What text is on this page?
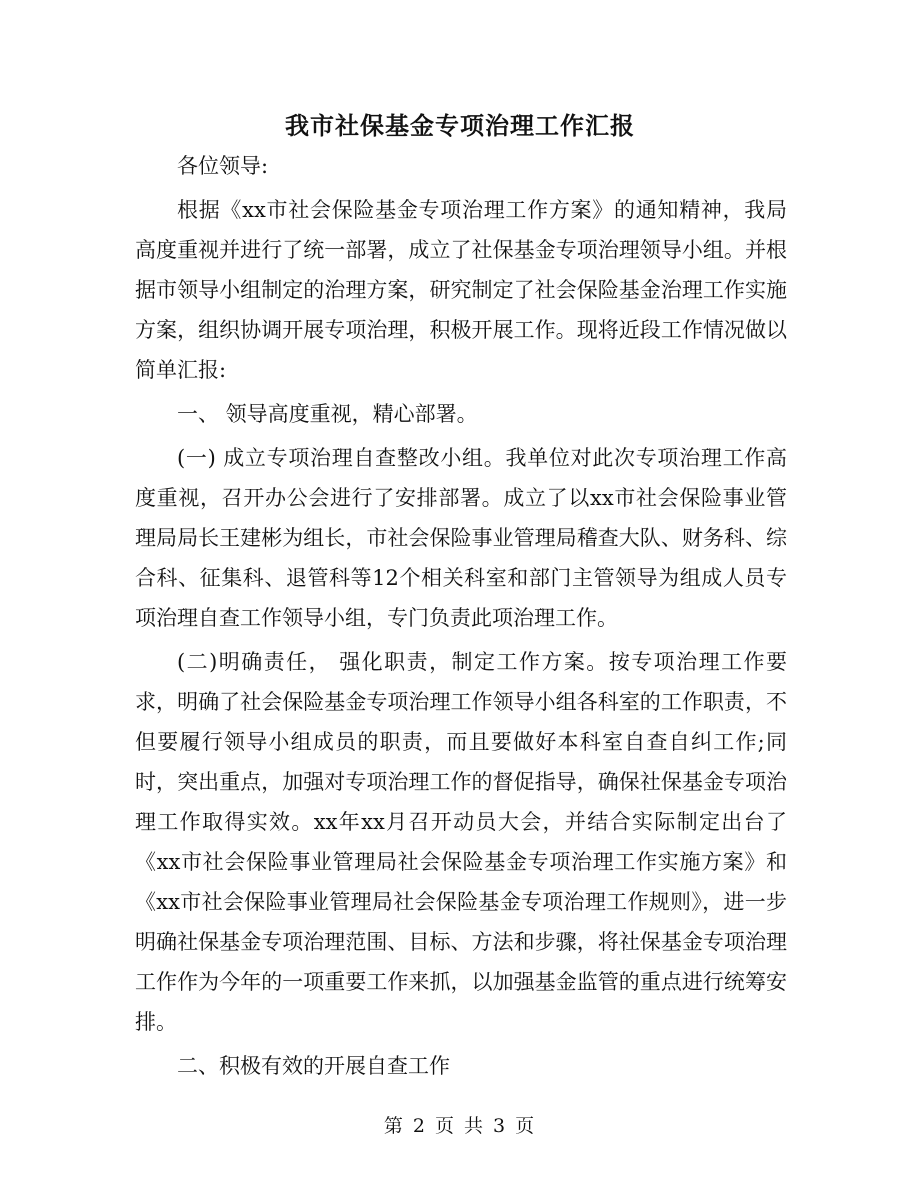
我市社保基金专项治理工作汇报

各位领导:

根据《xx市社会保险基金专项治理工作方案》的通知精神，我局高度重视并进行了统一部署，成立了社保基金专项治理领导小组。并根据市领导小组制定的治理方案，研究制定了社会保险基金治理工作实施方案，组织协调开展专项治理，积极开展工作。现将近段工作情况做以简单汇报:

一、 领导高度重视，精心部署。

(一) 成立专项治理自查整改小组。我单位对此次专项治理工作高度重视，召开办公会进行了安排部署。成立了以xx市社会保险事业管理局局长王建彬为组长，市社会保险事业管理局稽查大队、财务科、综合科、征集科、退管科等12个相关科室和部门主管领导为组成人员专项治理自查工作领导小组，专门负责此项治理工作。

(二)明确责任， 强化职责，制定工作方案。按专项治理工作要求，明确了社会保险基金专项治理工作领导小组各科室的工作职责，不但要履行领导小组成员的职责，而且要做好本科室自查自纠工作;同时，突出重点，加强对专项治理工作的督促指导，确保社保基金专项治理工作取得实效。xx年xx月召开动员大会，并结合实际制定出台了《xx市社会保险事业管理局社会保险基金专项治理工作实施方案》和《xx市社会保险事业管理局社会保险基金专项治理工作规则》，进一步明确社保基金专项治理范围、目标、方法和步骤，将社保基金专项治理工作作为今年的一项重要工作来抓，以加强基金监管的重点进行统筹安排。

二、积极有效的开展自查工作

第 2 页 共 3 页
